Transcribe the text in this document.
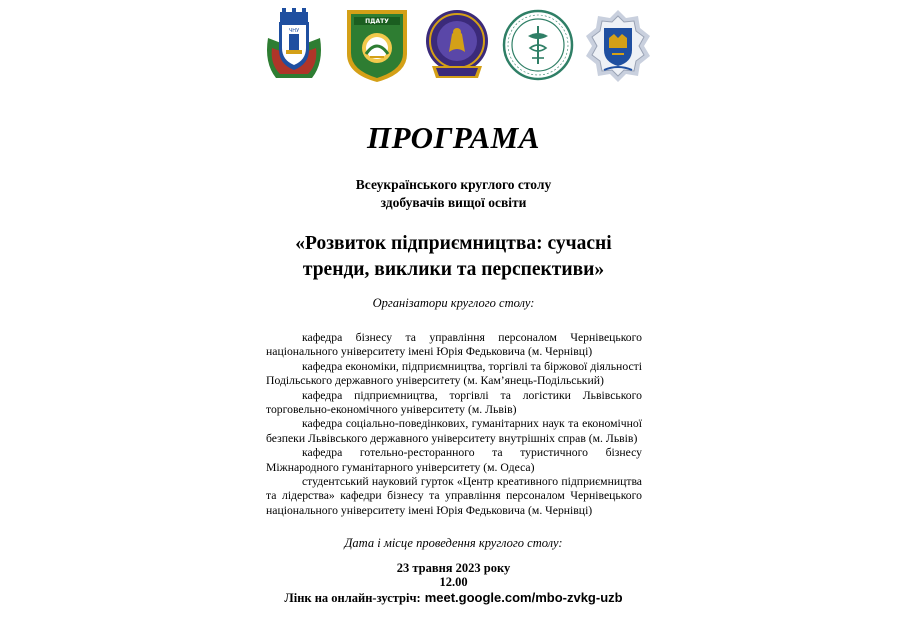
ЧНУ
ПДАТУ
ПРОГРАМА
Всеукраїнського круглого столу
здобувачів вищої освіти
«Розвиток підприємництва: сучасні
тренди, виклики та перспективи»
Організатори круглого столу:

кафедра бізнесу та управління персоналом Чернівецького національного університету імені Юрія Федьковича (м. Чернівці)

кафедра економіки, підприємництва, торгівлі та біржової діяльності Подільського державного університету (м. Кам’янець-Подільський)

кафедра підприємництва, торгівлі та логістики Львівського торговельно-економічного університету (м. Львів)

кафедра соціально-поведінкових, гуманітарних наук та економічної безпеки Львівського державного університету внутрішніх справ (м. Львів)

кафедра готельно-ресторанного та туристичного бізнесу Міжнародного гуманітарного університету (м. Одеса)

студентський науковий гурток «Центр креативного підприємництва та лідерства» кафедри бізнесу та управління персоналом Чернівецького національного університету імені Юрія Федьковича (м. Чернівці)

Дата і місце проведення круглого столу:
23 травня 2023 року
12.00
Лінк на онлайн-зустріч: meet.google.com/mbo-zvkg-uzb
